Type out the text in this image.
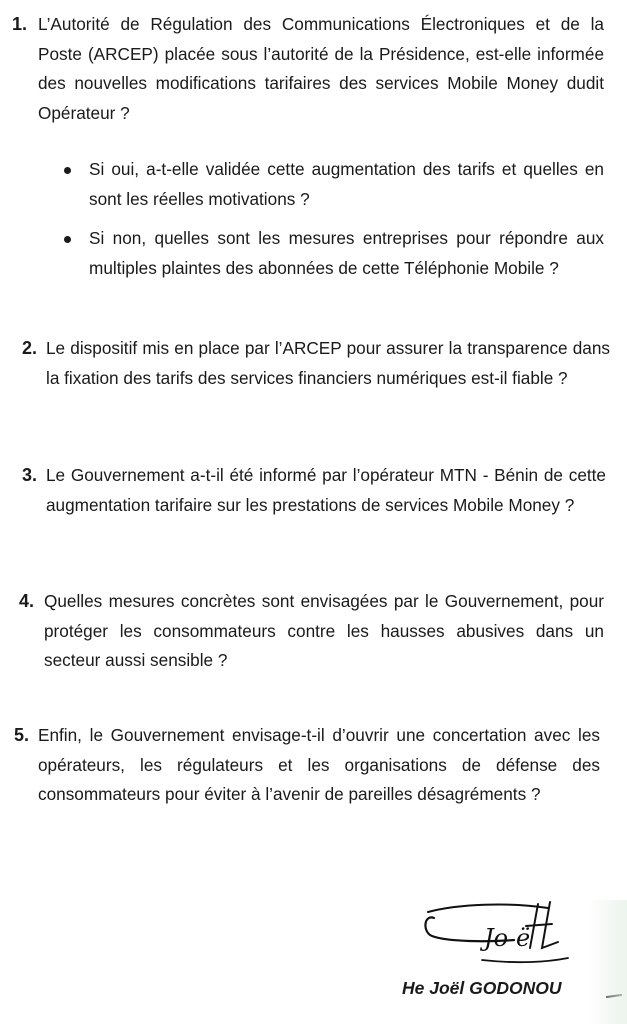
1. L’Autorité de Régulation des Communications Électroniques et de la Poste (ARCEP) placée sous l’autorité de la Présidence, est-elle informée des nouvelles modifications tarifaires des services Mobile Money dudit Opérateur ?

Si oui, a-t-elle validée cette augmentation des tarifs et quelles en sont les réelles motivations ?
Si non, quelles sont les mesures entreprises pour répondre aux multiples plaintes des abonnées de cette Téléphonie Mobile ?
2. Le dispositif mis en place par l’ARCEP pour assurer la transparence dans la fixation des tarifs des services financiers numériques est-il fiable ?

3. Le Gouvernement a-t-il été informé par l’opérateur MTN - Bénin de cette augmentation tarifaire sur les prestations de services Mobile Money ?

4. Quelles mesures concrètes sont envisagées par le Gouvernement, pour protéger les consommateurs contre les hausses abusives dans un secteur aussi sensible ?

5. Enfin, le Gouvernement envisage-t-il d’ouvrir une concertation avec les opérateurs, les régulateurs et les organisations de défense des consommateurs pour éviter à l’avenir de pareilles désagréments ?

Jo ë
He Joël GODONOU
